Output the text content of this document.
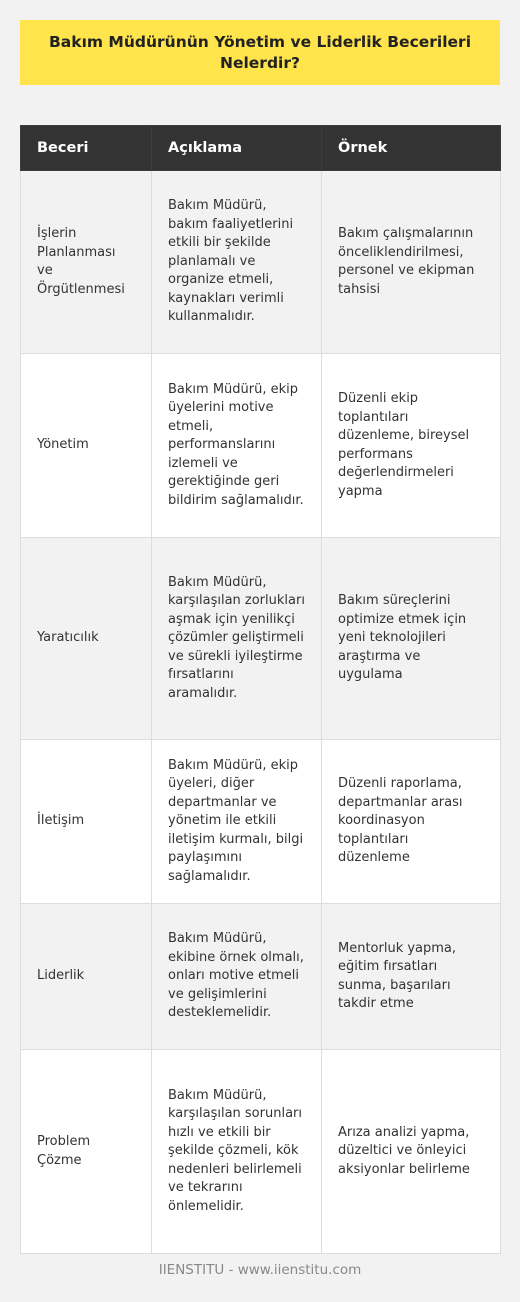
Bakım Müdürünün Yönetim ve Liderlik Becerileri Nelerdir?
Beceri	Açıklama	Örnek
İşlerin Planlanması ve Örgütlenmesi	Bakım Müdürü, bakım faaliyetlerini etkili bir şekilde planlamalı ve organize etmeli, kaynakları verimli kullanmalıdır.	Bakım çalışmalarının önceliklendirilmesi, personel ve ekipman tahsisi
Yönetim	Bakım Müdürü, ekip üyelerini motive etmeli, performanslarını izlemeli ve gerektiğinde geri bildirim sağlamalıdır.	Düzenli ekip toplantıları düzenleme, bireysel performans değerlendirmeleri yapma
Yaratıcılık	Bakım Müdürü, karşılaşılan zorlukları aşmak için yenilikçi çözümler geliştirmeli ve sürekli iyileştirme fırsatlarını aramalıdır.	Bakım süreçlerini optimize etmek için yeni teknolojileri araştırma ve uygulama
İletişim	Bakım Müdürü, ekip üyeleri, diğer departmanlar ve yönetim ile etkili iletişim kurmalı, bilgi paylaşımını sağlamalıdır.	Düzenli raporlama, departmanlar arası koordinasyon toplantıları düzenleme
Liderlik	Bakım Müdürü, ekibine örnek olmalı, onları motive etmeli ve gelişimlerini desteklemelidir.	Mentorluk yapma, eğitim fırsatları sunma, başarıları takdir etme
Problem Çözme	Bakım Müdürü, karşılaşılan sorunları hızlı ve etkili bir şekilde çözmeli, kök nedenleri belirlemeli ve tekrarını önlemelidir.	Arıza analizi yapma, düzeltici ve önleyici aksiyonlar belirleme
IIENSTITU - www.iienstitu.com
